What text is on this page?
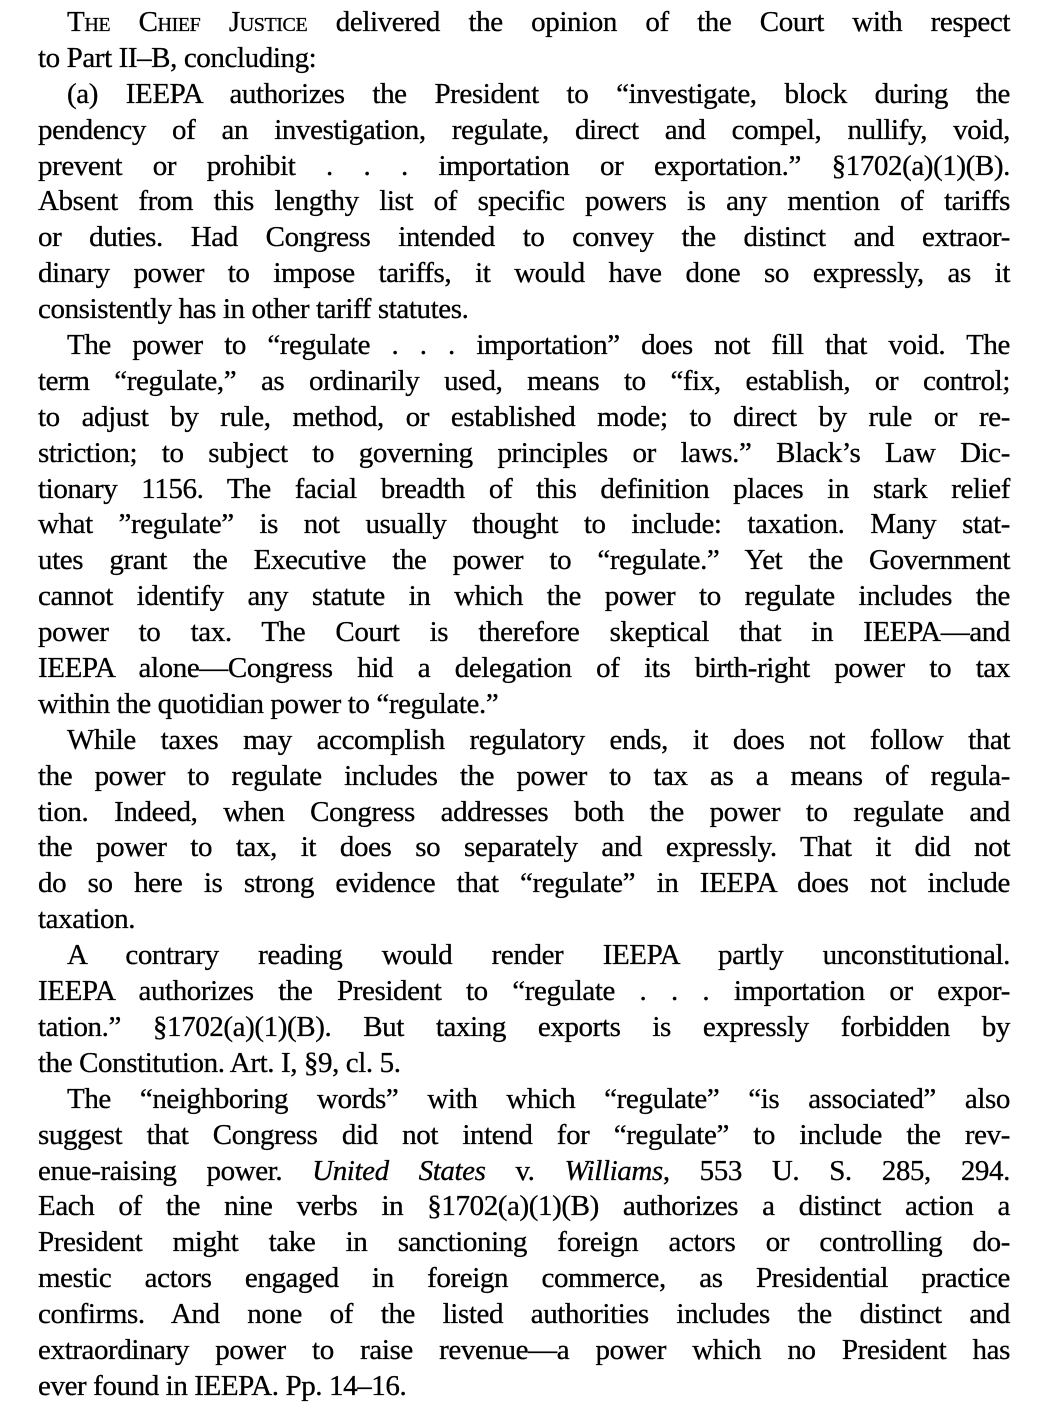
The Chief Justice delivered the opinion of the Court with respect
to Part II–B, concluding:
(a) IEEPA authorizes the President to “investigate, block during the
pendency of an investigation, regulate, direct and compel, nullify, void,
prevent or prohibit . . . importation or exportation.” §1702(a)(1)(B).
Absent from this lengthy list of specific powers is any mention of tariffs
or duties. Had Congress intended to convey the distinct and extraor-
dinary power to impose tariffs, it would have done so expressly, as it
consistently has in other tariff statutes.
The power to “regulate . . . importation” does not fill that void. The
term “regulate,” as ordinarily used, means to “fix, establish, or control;
to adjust by rule, method, or established mode; to direct by rule or re-
striction; to subject to governing principles or laws.” Black’s Law Dic-
tionary 1156. The facial breadth of this definition places in stark relief
what ”regulate” is not usually thought to include: taxation. Many stat-
utes grant the Executive the power to “regulate.” Yet the Government
cannot identify any statute in which the power to regulate includes the
power to tax. The Court is therefore skeptical that in IEEPA—and
IEEPA alone—Congress hid a delegation of its birth-right power to tax
within the quotidian power to “regulate.”
While taxes may accomplish regulatory ends, it does not follow that
the power to regulate includes the power to tax as a means of regula-
tion. Indeed, when Congress addresses both the power to regulate and
the power to tax, it does so separately and expressly. That it did not
do so here is strong evidence that “regulate” in IEEPA does not include
taxation.
A contrary reading would render IEEPA partly unconstitutional.
IEEPA authorizes the President to “regulate . . . importation or expor-
tation.” §1702(a)(1)(B). But taxing exports is expressly forbidden by
the Constitution. Art. I, §9, cl. 5.
The “neighboring words” with which “regulate” “is associated” also
suggest that Congress did not intend for “regulate” to include the rev-
enue-raising power. United States v. Williams, 553 U. S. 285, 294.
Each of the nine verbs in §1702(a)(1)(B) authorizes a distinct action a
President might take in sanctioning foreign actors or controlling do-
mestic actors engaged in foreign commerce, as Presidential practice
confirms. And none of the listed authorities includes the distinct and
extraordinary power to raise revenue—a power which no President has
ever found in IEEPA. Pp. 14–16.
